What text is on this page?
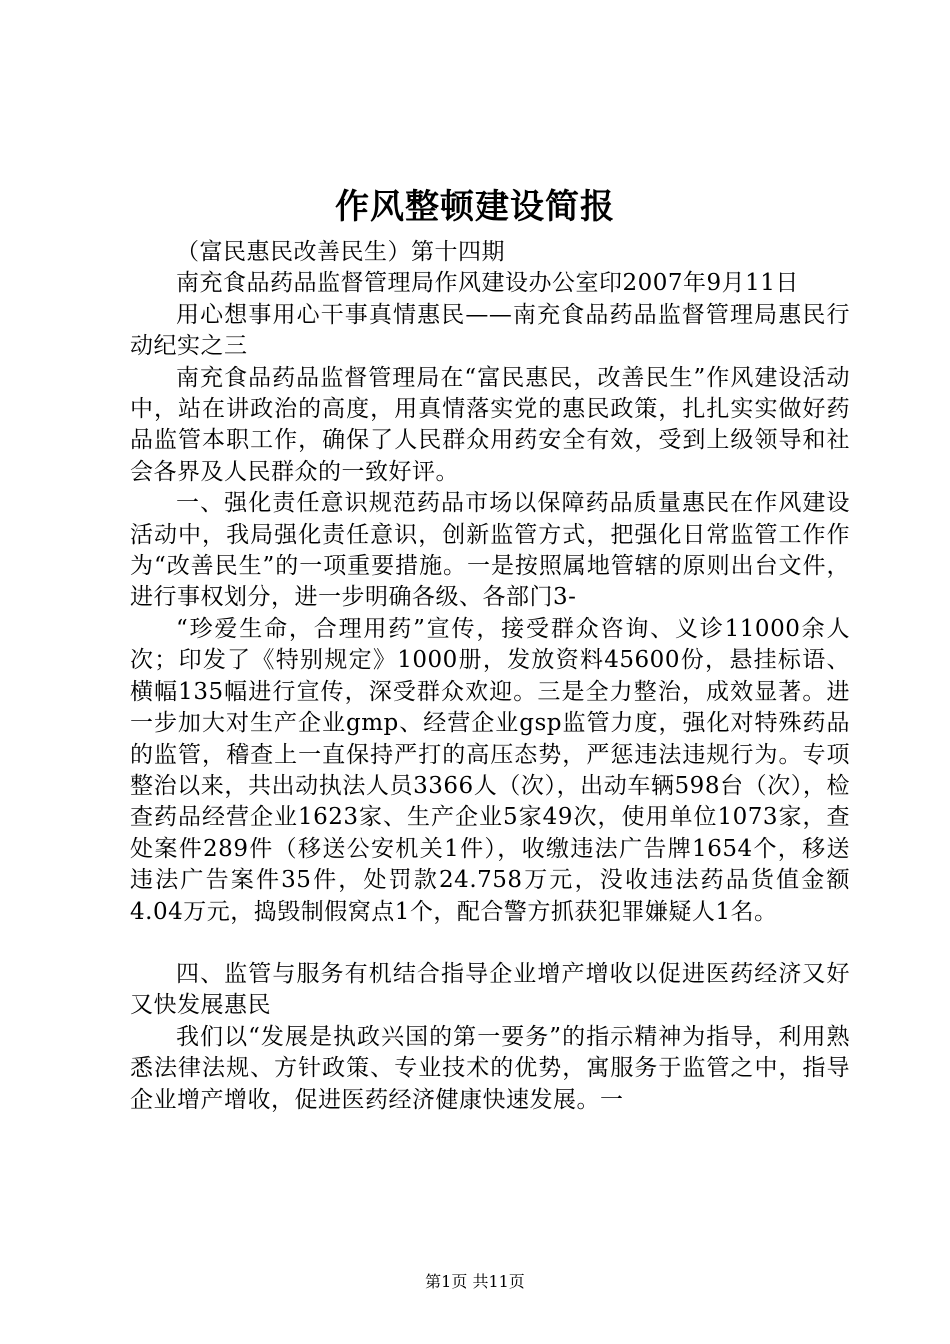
作风整顿建设简报

（富民惠民改善民生）第十四期

南充食品药品监督管理局作风建设办公室印2007年9月11日

用心想事用心干事真情惠民——南充食品药品监督管理局惠民行动纪实之三

南充食品药品监督管理局在“富民惠民，改善民生”作风建设活动中，站在讲政治的高度，用真情落实党的惠民政策，扎扎实实做好药品监管本职工作，确保了人民群众用药安全有效，受到上级领导和社会各界及人民群众的一致好评。

一、强化责任意识规范药品市场以保障药品质量惠民在作风建设活动中，我局强化责任意识，创新监管方式，把强化日常监管工作作为“改善民生”的一项重要措施。一是按照属地管辖的原则出台文件，进行事权划分，进一步明确各级、各部门3-

“珍爱生命，合理用药”宣传，接受群众咨询、义诊11000余人次；印发了《特别规定》1000册，发放资料45600份，悬挂标语、横幅135幅进行宣传，深受群众欢迎。三是全力整治，成效显著。进一步加大对生产企业gmp、经营企业gsp监管力度，强化对特殊药品的监管，稽查上一直保持严打的高压态势，严惩违法违规行为。专项整治以来，共出动执法人员3366人（次），出动车辆598台（次），检查药品经营企业1623家、生产企业5家49次，使用单位1073家，查处案件289件（移送公安机关1件），收缴违法广告牌1654个，移送违法广告案件35件，处罚款24.758万元，没收违法药品货值金额4.04万元，捣毁制假窝点1个，配合警方抓获犯罪嫌疑人1名。

四、监管与服务有机结合指导企业增产增收以促进医药经济又好又快发展惠民

我们以“发展是执政兴国的第一要务”的指示精神为指导，利用熟悉法律法规、方针政策、专业技术的优势，寓服务于监管之中，指导企业增产增收，促进医药经济健康快速发展。一

第1页 共11页
